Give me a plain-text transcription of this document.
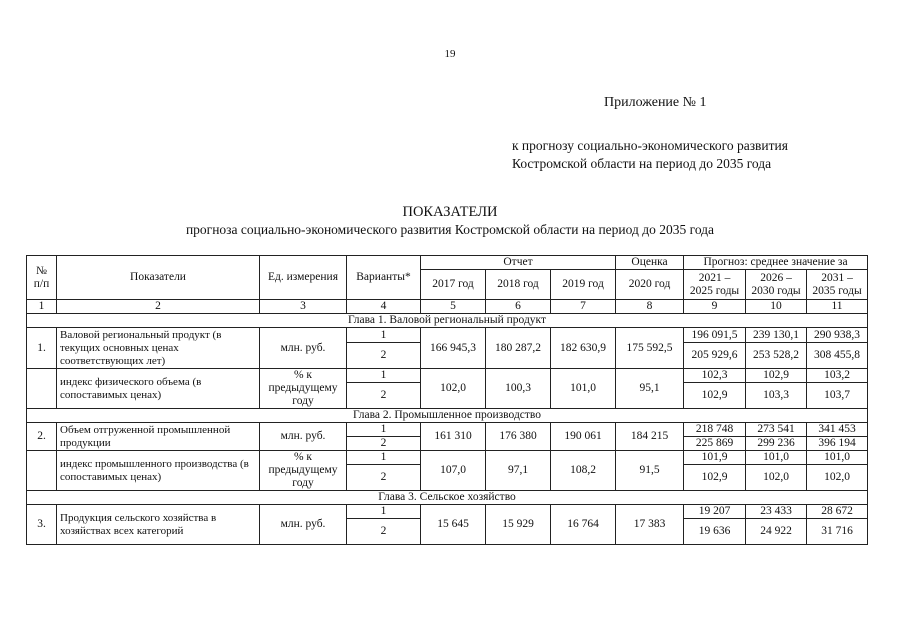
19
Приложение № 1
к прогнозу социально-экономического развития
Костромской области на период до 2035 года
ПОКАЗАТЕЛИ
прогноза социально-экономического развития Костромской области на период до 2035 года
№ п/п	Показатели	Ед. измерения	Варианты*	Отчет			Оценка	Прогноз: среднее значение за		
				2017 год	2018 год	2019 год	2020 год	2021 – 2025 годы	2026 – 2030 годы	2031 – 2035 годы
1	2	3	4	5	6	7	8	9	10	11
Глава 1. Валовой региональный продукт										
1.	Валовой региональный продукт (в текущих основных ценах соответствующих лет)	млн. руб.	1	166 945,3	180 287,2	182 630,9	175 592,5	196 091,5	239 130,1	290 938,3
			2					205 929,6	253 528,2	308 455,8
	индекс физического объема (в сопоставимых ценах)	% к предыдущему году	1	102,0	100,3	101,0	95,1	102,3	102,9	103,2
			2					102,9	103,3	103,7
Глава 2. Промышленное производство										
2.	Объем отгруженной промышленной продукции	млн. руб.	1	161 310	176 380	190 061	184 215	218 748	273 541	341 453
			2					225 869	299 236	396 194
	индекс промышленного производства (в сопоставимых ценах)	% к предыдущему году	1	107,0	97,1	108,2	91,5	101,9	101,0	101,0
			2					102,9	102,0	102,0
Глава 3. Сельское хозяйство										
3.	Продукция сельского хозяйства в хозяйствах всех категорий	млн. руб.	1	15 645	15 929	16 764	17 383	19 207	23 433	28 672
			2					19 636	24 922	31 716
